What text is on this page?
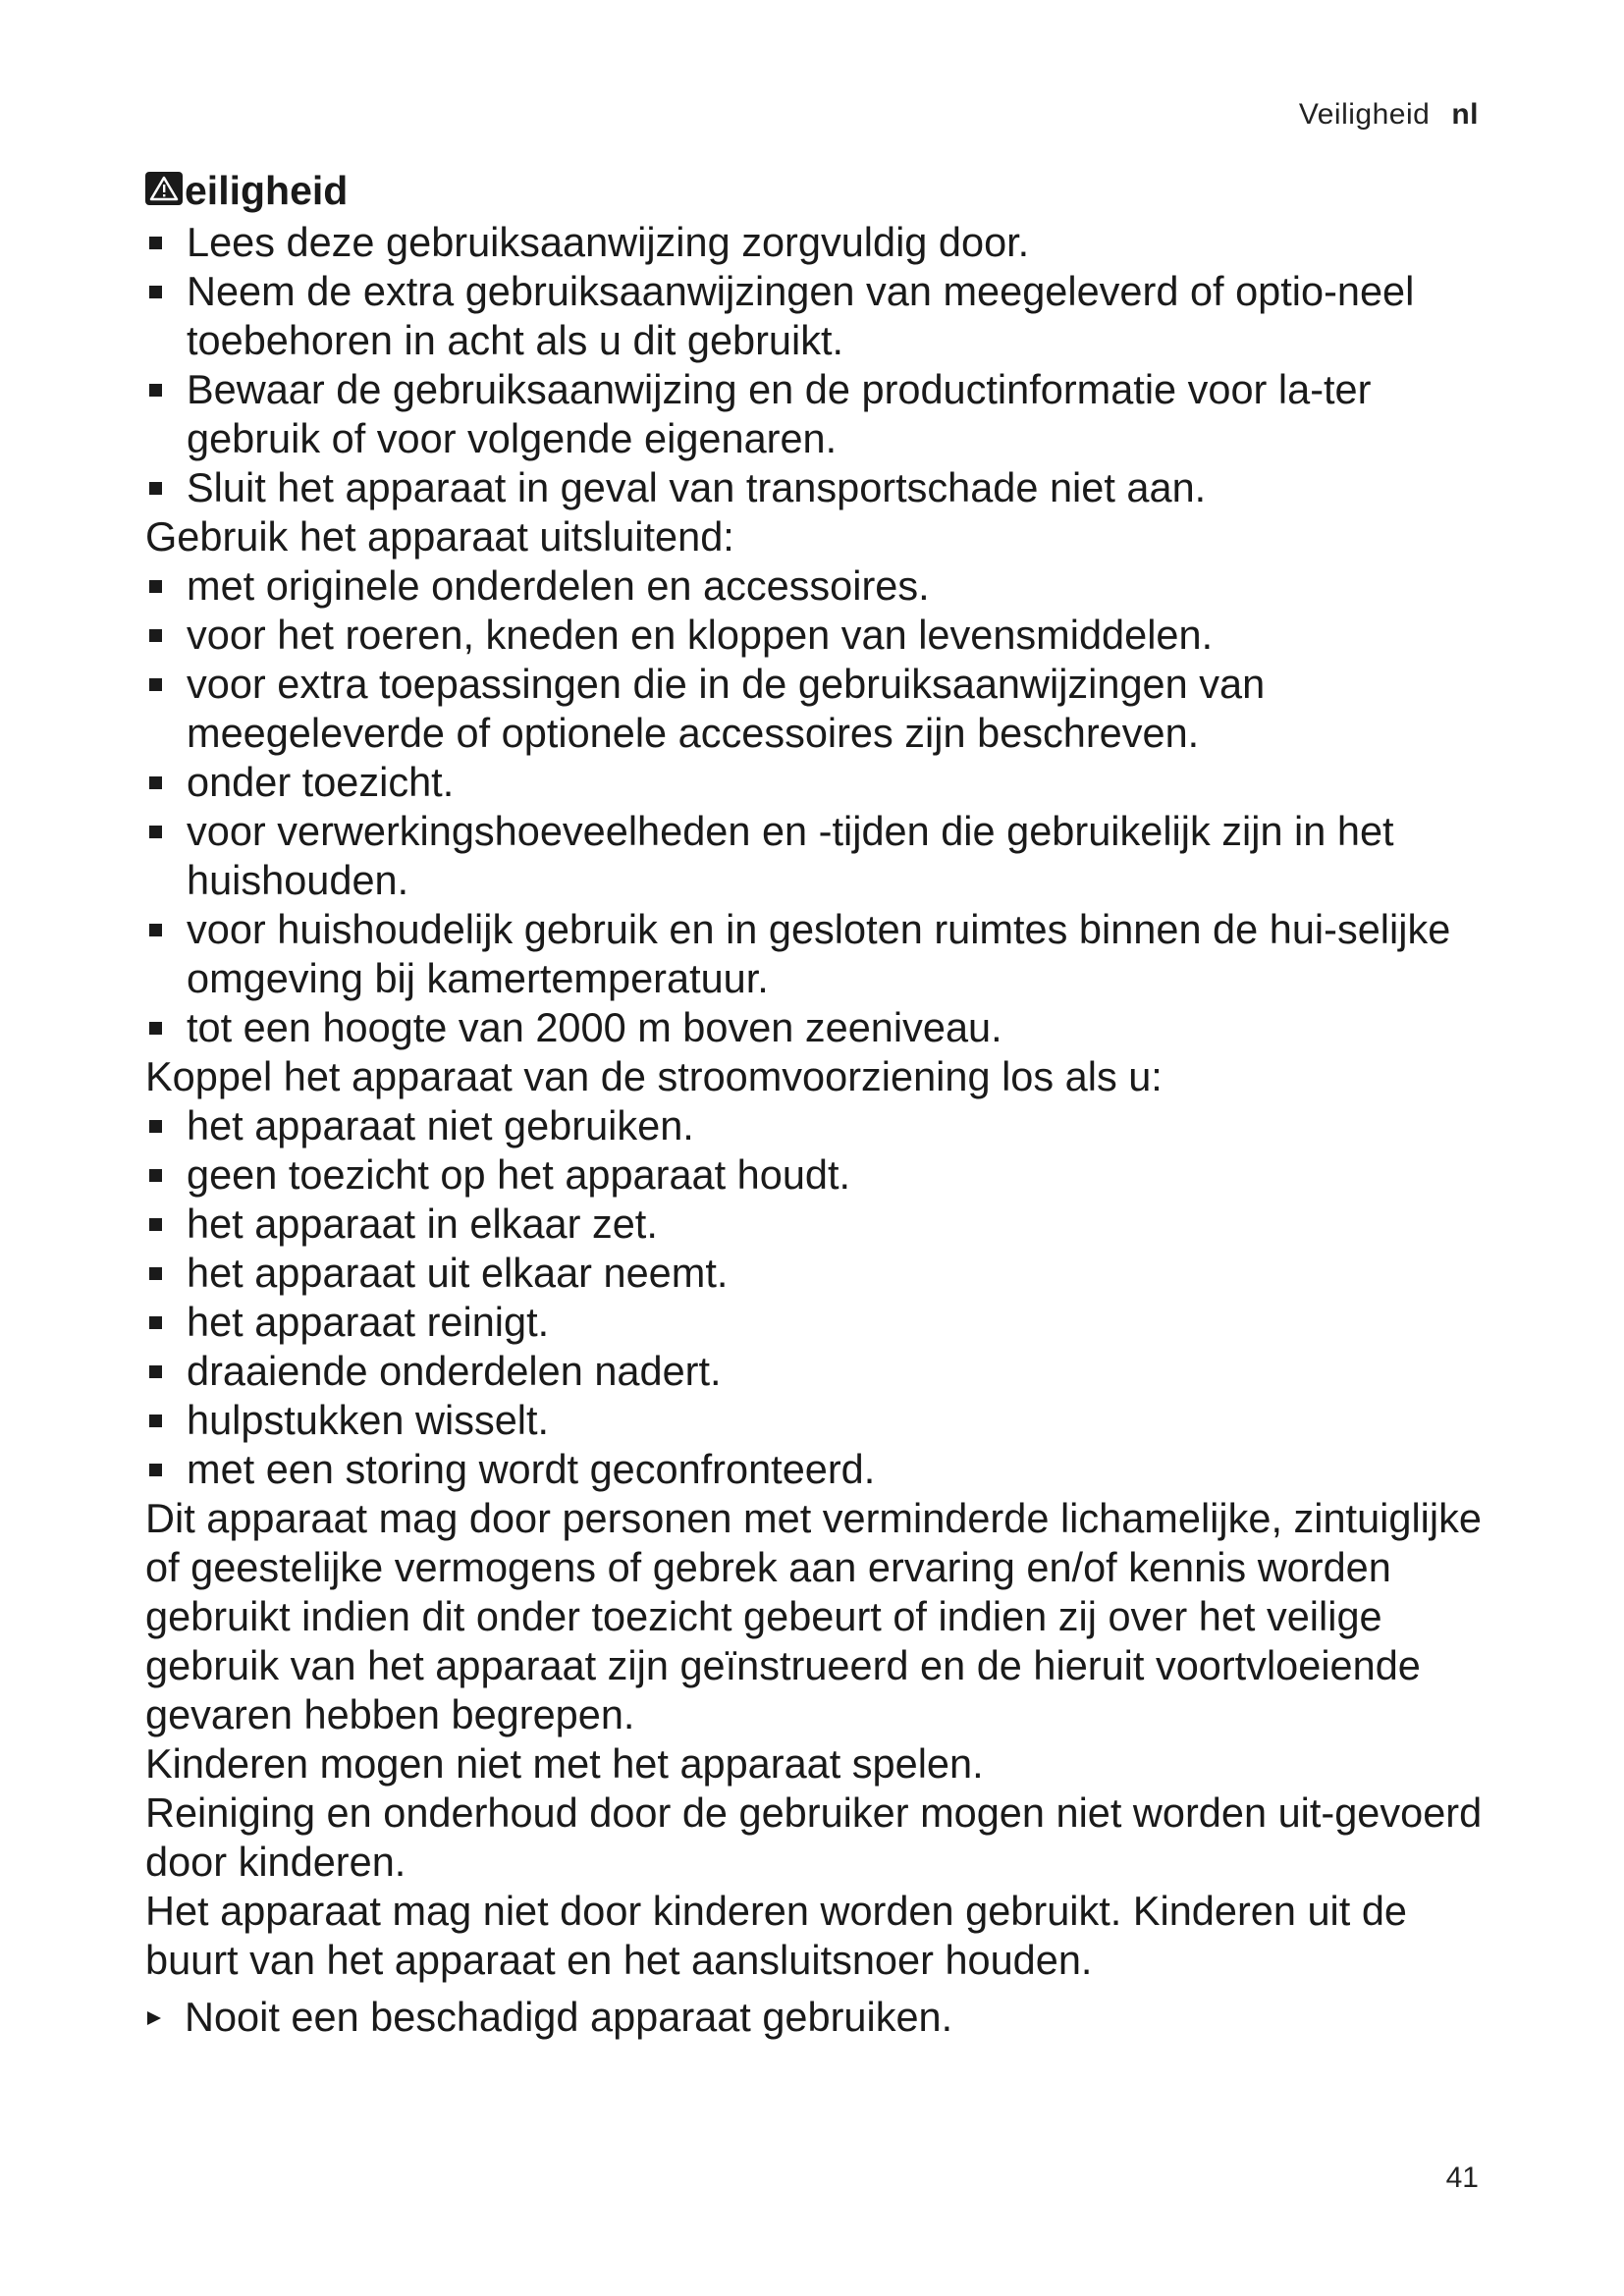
Veiligheid nl
eiligheid
Lees deze gebruiksaanwijzing zorgvuldig door.
Neem de extra gebruiksaanwijzingen van meegeleverd of optio-neel toebehoren in acht als u dit gebruikt.
Bewaar de gebruiksaanwijzing en de productinformatie voor la-ter gebruik of voor volgende eigenaren.
Sluit het apparaat in geval van transportschade niet aan.

Gebruik het apparaat uitsluitend:

met originele onderdelen en accessoires.
voor het roeren, kneden en kloppen van levensmiddelen.
voor extra toepassingen die in de gebruiksaanwijzingen van meegeleverde of optionele accessoires zijn beschreven.
onder toezicht.
voor verwerkingshoeveelheden en -tijden die gebruikelijk zijn in het huishouden.
voor huishoudelijk gebruik en in gesloten ruimtes binnen de hui-selijke omgeving bij kamertemperatuur.
tot een hoogte van 2000 m boven zeeniveau.

Koppel het apparaat van de stroomvoorziening los als u:

het apparaat niet gebruiken.
geen toezicht op het apparaat houdt.
het apparaat in elkaar zet.
het apparaat uit elkaar neemt.
het apparaat reinigt.
draaiende onderdelen nadert.
hulpstukken wisselt.
met een storing wordt geconfronteerd.

Dit apparaat mag door personen met verminderde lichamelijke, zintuiglijke of geestelijke vermogens of gebrek aan ervaring en/of kennis worden gebruikt indien dit onder toezicht gebeurt of indien zij over het veilige gebruik van het apparaat zijn geïnstrueerd en de hieruit voortvloeiende gevaren hebben begrepen.

Kinderen mogen niet met het apparaat spelen.

Reiniging en onderhoud door de gebruiker mogen niet worden uit-gevoerd door kinderen.

Het apparaat mag niet door kinderen worden gebruikt. Kinderen uit de buurt van het apparaat en het aansluitsnoer houden.

Nooit een beschadigd apparaat gebruiken.
41
